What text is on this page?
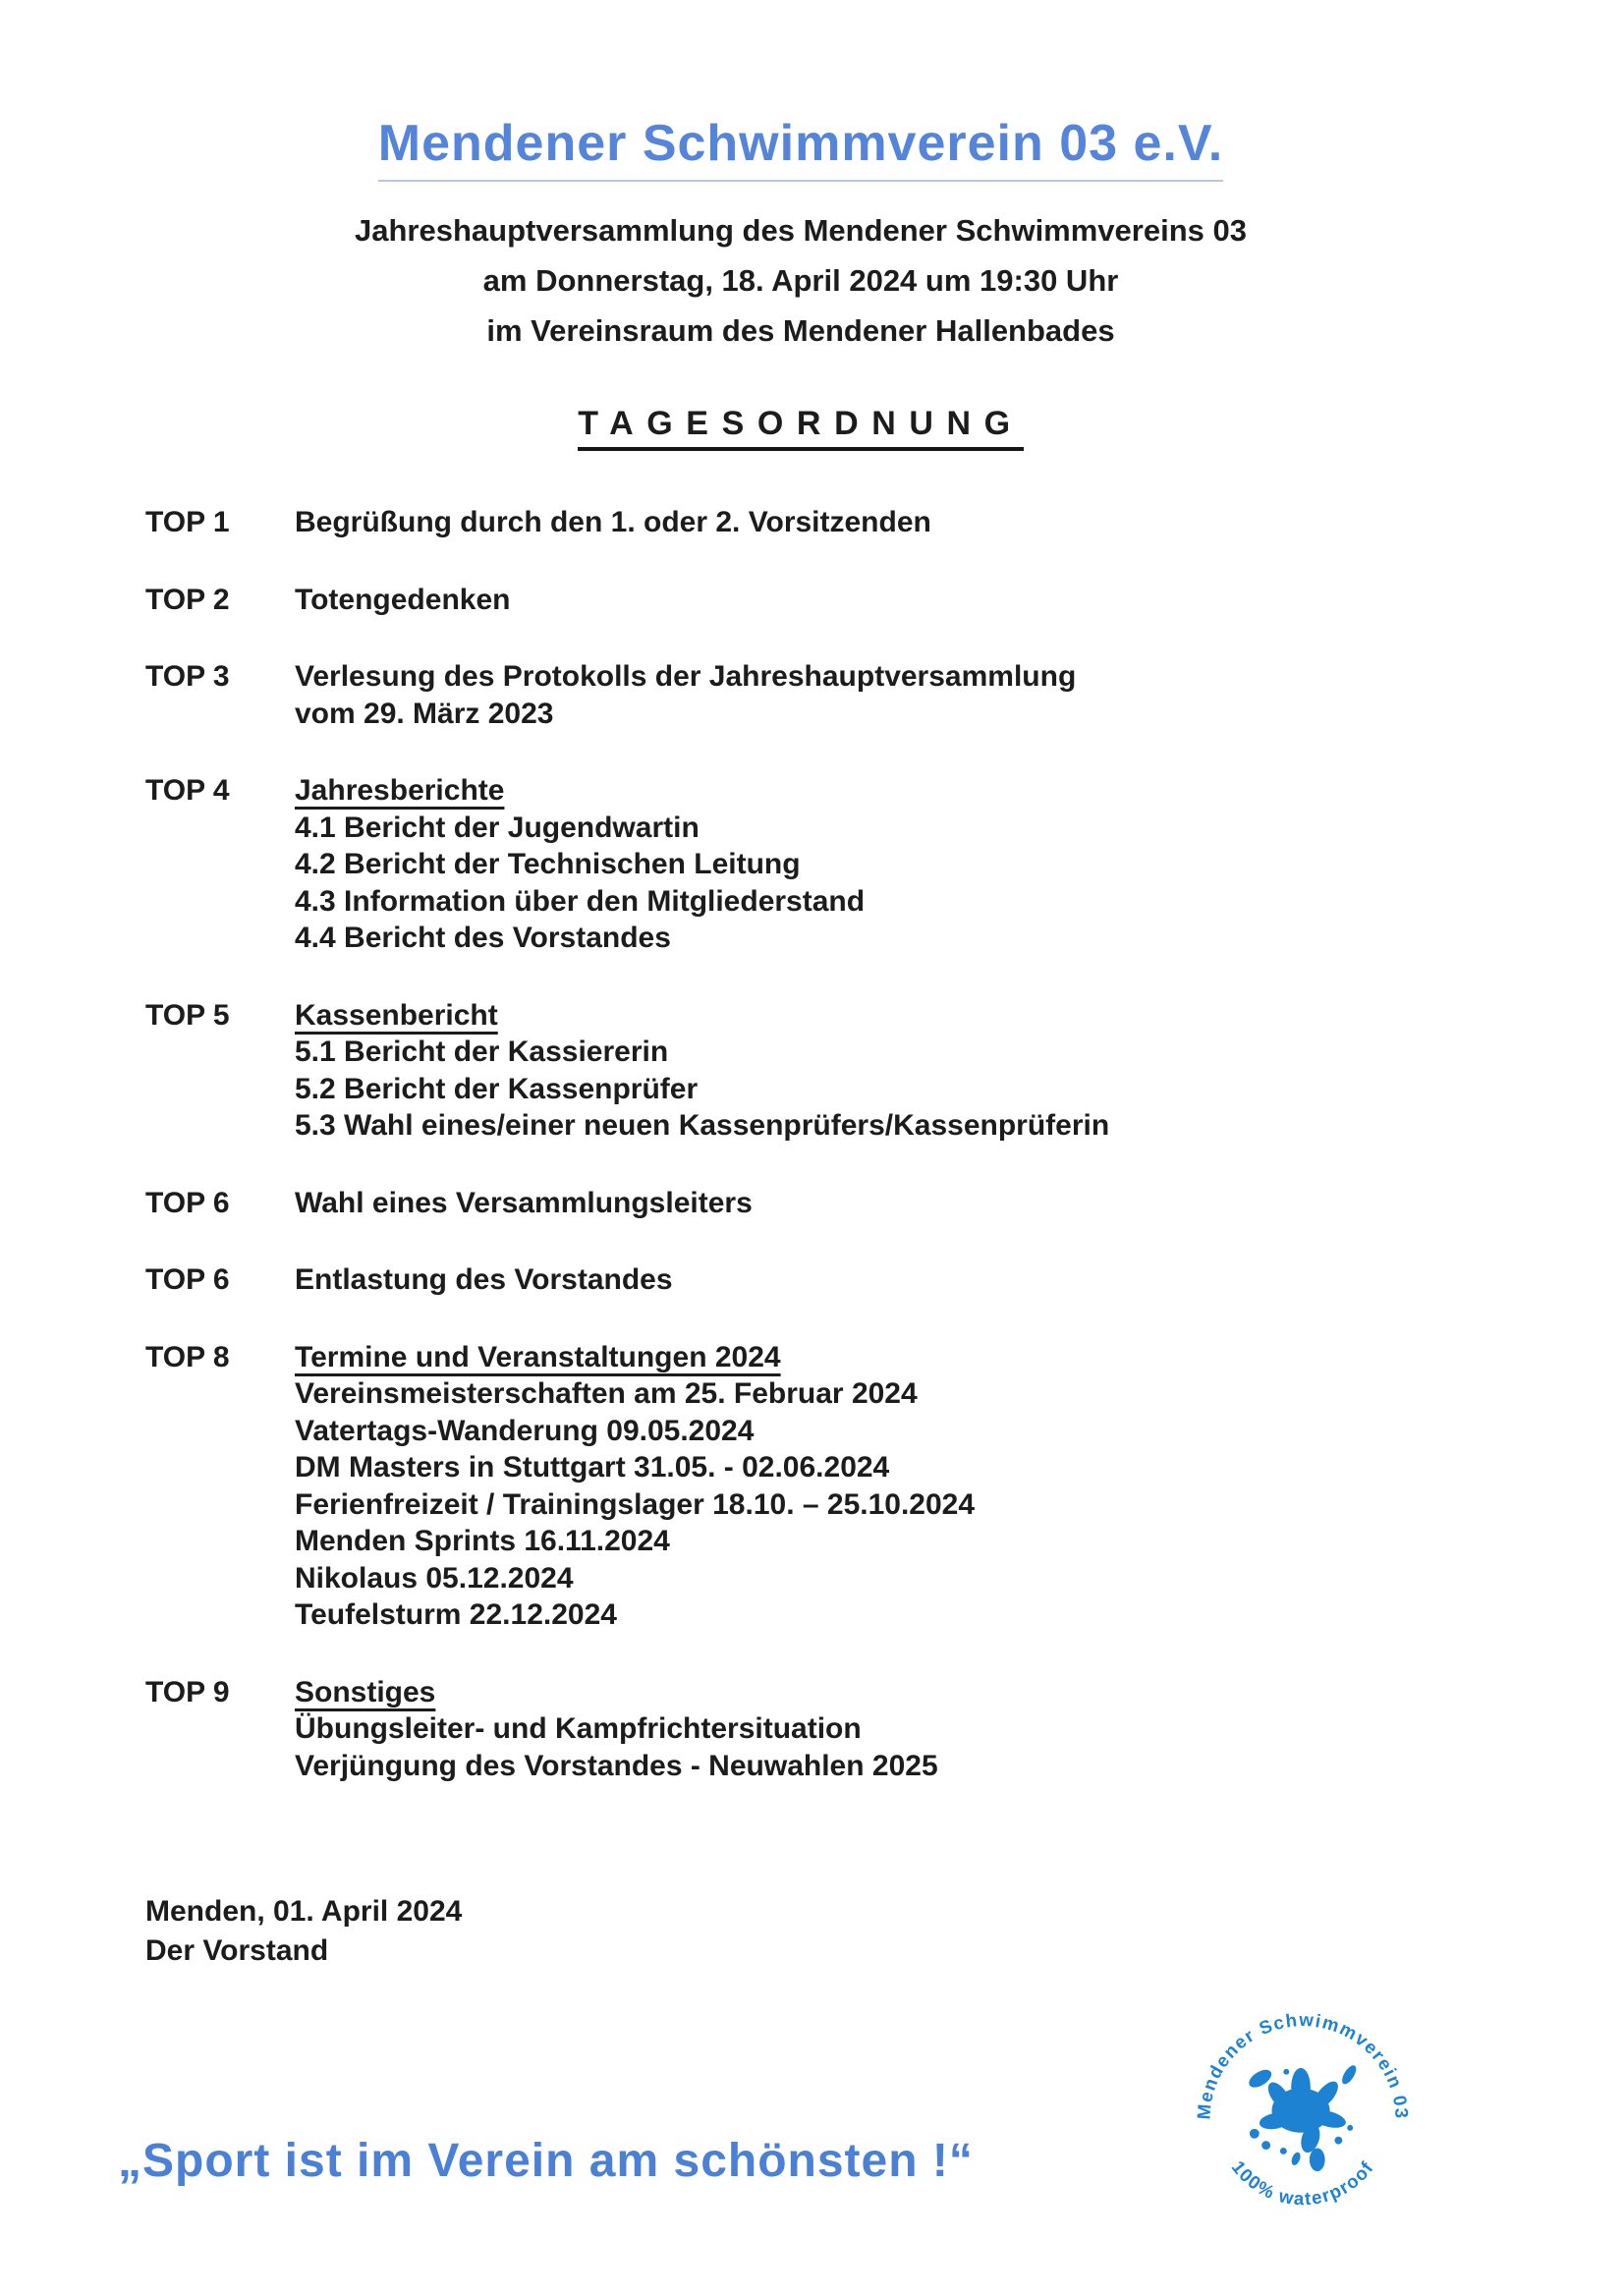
Mendener Schwimmverein 03 e.V.
Jahreshauptversammlung des Mendener Schwimmvereins 03
am Donnerstag, 18. April 2024 um 19:30 Uhr
im Vereinsraum des Mendener Hallenbades
TAGESORDNUNG
TOP 1	Begrüßung durch den 1. oder 2. Vorsitzenden
TOP 2	Totengedenken
TOP 3	Verlesung des Protokolls der Jahreshauptversammlung
vom 29. März 2023
TOP 4	Jahresberichte
4.1 Bericht der Jugendwartin
4.2 Bericht der Technischen Leitung
4.3 Information über den Mitgliederstand
4.4 Bericht des Vorstandes
TOP 5	Kassenbericht
5.1 Bericht der Kassiererin
5.2 Bericht der Kassenprüfer
5.3 Wahl eines/einer neuen Kassenprüfers/Kassenprüferin
TOP 6	Wahl eines Versammlungsleiters
TOP 6	Entlastung des Vorstandes
TOP 8	Termine und Veranstaltungen 2024
Vereinsmeisterschaften am 25. Februar 2024
Vatertags-Wanderung 09.05.2024
DM Masters in Stuttgart 31.05. - 02.06.2024
Ferienfreizeit / Trainingslager 18.10. – 25.10.2024
Menden Sprints 16.11.2024
Nikolaus 05.12.2024
Teufelsturm 22.12.2024
TOP 9	Sonstiges
Übungsleiter- und Kampfrichtersituation
Verjüngung des Vorstandes - Neuwahlen 2025
Menden, 01. April 2024
Der Vorstand
„Sport ist im Verein am schönsten !“
Mendener Schwimmverein 03
100% waterproof
